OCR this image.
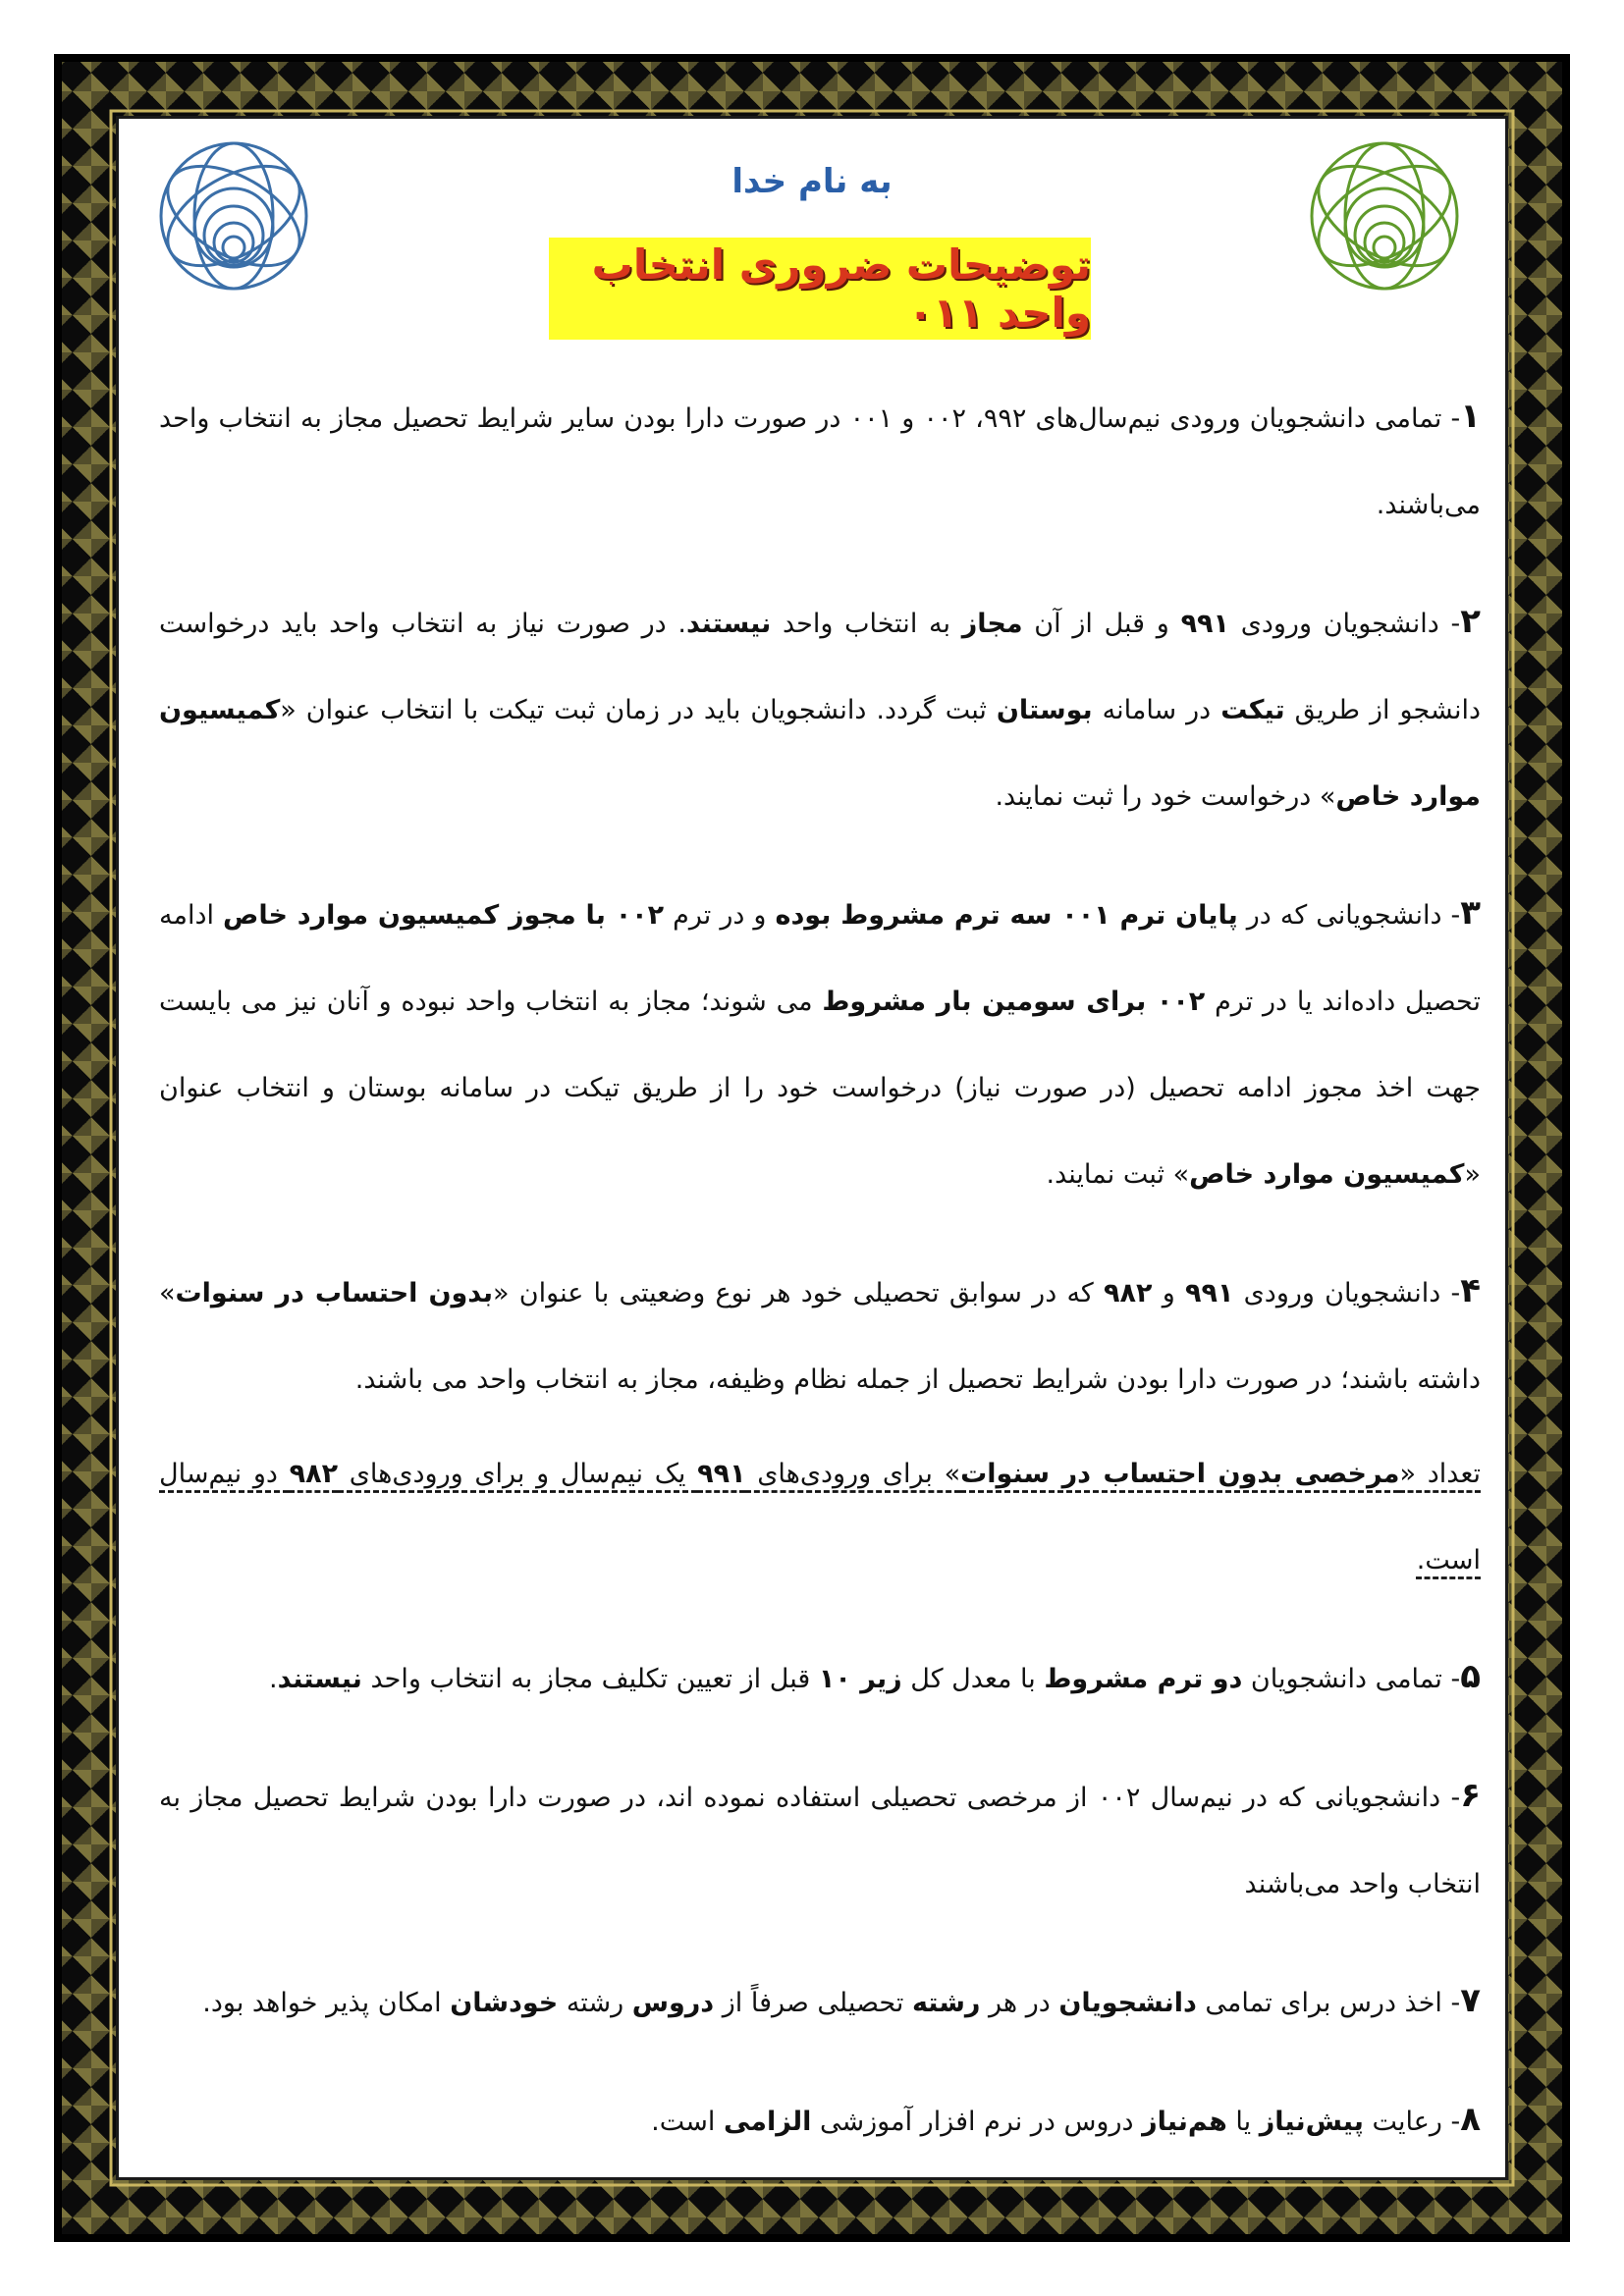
به نام خدا
توضیحات ضروری انتخاب واحد ۰۱۱

۱- تمامی دانشجویان ورودی نیم‌سال‌های ۹۹۲، ۰۰۲ و ۰۰۱ در صورت دارا بودن سایر شرایط تحصیل مجاز به انتخاب واحد می‌باشند.

۲- دانشجویان ورودی ۹۹۱ و قبل از آن مجاز به انتخاب واحد نیستند. در صورت نیاز به انتخاب واحد باید درخواست دانشجو از طریق تیکت در سامانه بوستان ثبت گردد. دانشجویان باید در زمان ثبت تیکت با انتخاب عنوان «کمیسیون موارد خاص» درخواست خود را ثبت نمایند.

۳- دانشجویانی که در پایان ترم ۰۰۱ سه ترم مشروط بوده و در ترم ۰۰۲ با مجوز کمیسیون موارد خاص ادامه تحصیل داده‌اند یا در ترم ۰۰۲ برای سومین بار مشروط می شوند؛ مجاز به انتخاب واحد نبوده و آنان نیز می بایست جهت اخذ مجوز ادامه تحصیل (در صورت نیاز) درخواست خود را از طریق تیکت در سامانه بوستان و انتخاب عنوان «کمیسیون موارد خاص» ثبت نمایند.

۴- دانشجویان ورودی ۹۹۱ و ۹۸۲ که در سوابق تحصیلی خود هر نوع وضعیتی با عنوان «بدون احتساب در سنوات» داشته باشند؛ در صورت دارا بودن شرایط تحصیل از جمله نظام وظیفه، مجاز به انتخاب واحد می باشند.

تعداد «مرخصی بدون احتساب در سنوات» برای ورودی‌های ۹۹۱ یک نیم‌سال و برای ورودی‌های ۹۸۲ دو نیم‌سال است.

۵- تمامی دانشجویان دو ترم مشروط با معدل کل زیر ۱۰ قبل از تعیین تکلیف مجاز به انتخاب واحد نیستند.

۶- دانشجویانی که در نیم‌سال ۰۰۲ از مرخصی تحصیلی استفاده نموده اند، در صورت دارا بودن شرایط تحصیل مجاز به انتخاب واحد می‌باشند

۷- اخذ درس برای تمامی دانشجویان در هر رشته تحصیلی صرفاً از دروس رشته خودشان امکان پذیر خواهد بود.

۸- رعایت پیش‌نیاز یا هم‌نیاز دروس در نرم افزار آموزشی الزامی است.
